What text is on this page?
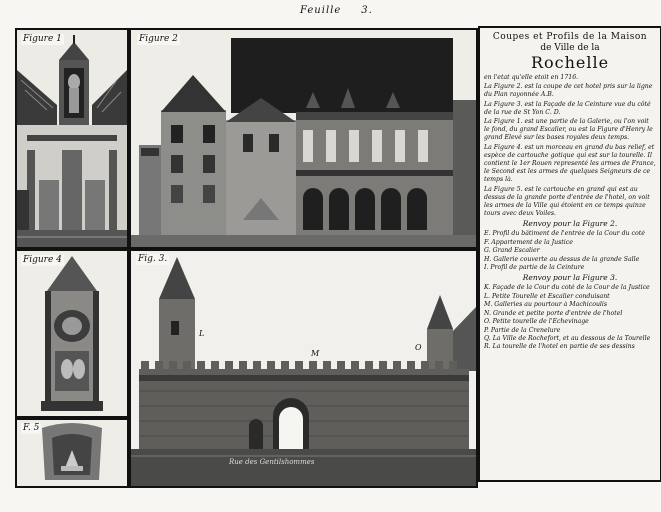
Feuille 3.
Figure 1	Figure 2
Figure 4
F. 5
Fig. 3.
L
M
O
Rue des Gentilshommes
Coupes et Profils de la Maison
de Ville de la
Rochelle
en l'etat qu'elle etoit en 1716.
La Figure 2. est la coupe de cet hotel pris sur la ligne du Plan rayonnée A.B.
La Figure 3. est la Façade de la Ceinture vue du côté de la rue de St Yon C. D.
La Figure 1. est une partie de la Galerie, ou l'on voit le fond, du grand Escalier, ou est la Figure d'Henry le grand Elevé sur les bases royales deux temps.
La Figure 4. est un morceau en grand du bas relief, et espèce de cartouche gotique qui est sur la tourelle. Il contient le 1er Rouen representé les armes de France, le Second est les armes de quelques Seigneurs de ce temps là.
La Figure 5. est le cartouche en grand qui est au dessus de la grande porte d'entrée de l'hotel, on voit les armes de la Ville qui étoient en ce temps quinze tours avec deux Voiles.
Renvoy pour la Figure 2.
E. Profil du bâtiment de l'entrée de la Cour du coté
F. Appartement de la Justice
G. Grand Escalier
H. Gallerie couverte au dessus de la grande Salle
I. Profil de partie de la Ceinture
Renvoy pour la Figure 3.
K. Façade de la Cour du coté de la Cour de la Justice
L. Petite Tourelle et Escalier conduisant
M. Galleries au pourtour à Machicoulis
N. Grande et petite porte d'entrée de l'hotel
O. Petite tourelle de l'Echevinage
P. Partie de la Crenelure
Q. La Ville de Rochefort, et au dessous de la Tourelle
R. La tourelle de l'hotel en partie de ses dessins
